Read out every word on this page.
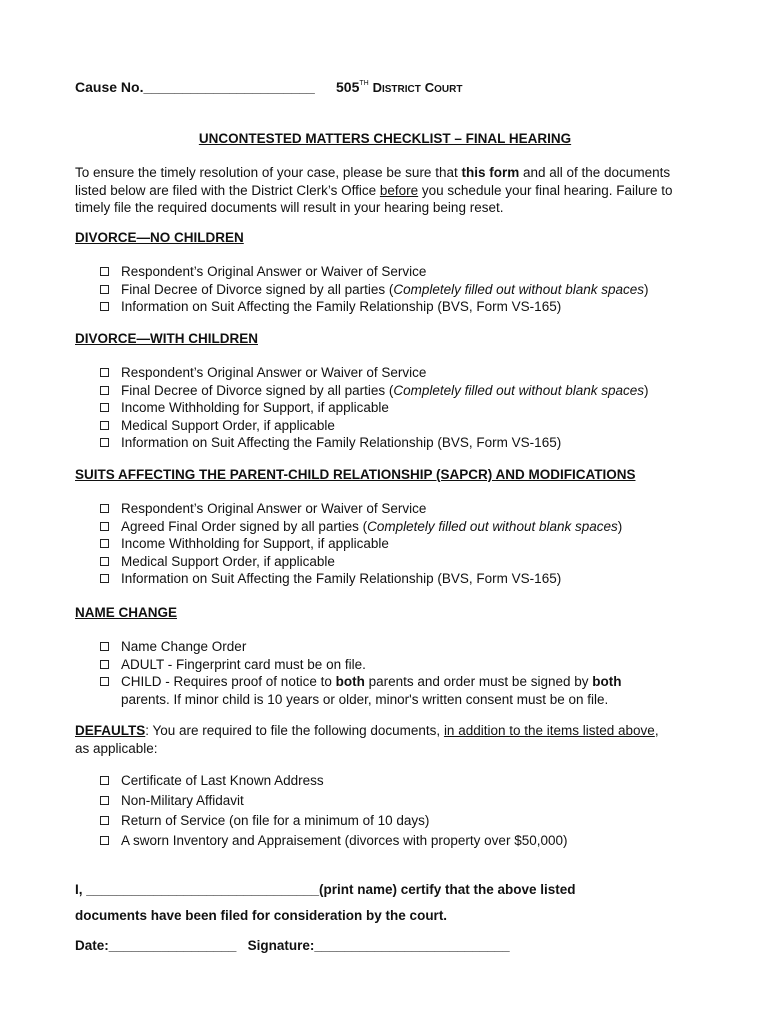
Cause No.______________________ 505TH DISTRICT COURT
UNCONTESTED MATTERS CHECKLIST – FINAL HEARING
To ensure the timely resolution of your case, please be sure that this form and all of the documents listed below are filed with the District Clerk’s Office before you schedule your final hearing. Failure to timely file the required documents will result in your hearing being reset.
DIVORCE—NO CHILDREN
Respondent’s Original Answer or Waiver of Service
Final Decree of Divorce signed by all parties (Completely filled out without blank spaces)
Information on Suit Affecting the Family Relationship (BVS, Form VS-165)
DIVORCE—WITH CHILDREN
Respondent’s Original Answer or Waiver of Service
Final Decree of Divorce signed by all parties (Completely filled out without blank spaces)
Income Withholding for Support, if applicable
Medical Support Order, if applicable
Information on Suit Affecting the Family Relationship (BVS, Form VS-165)
SUITS AFFECTING THE PARENT-CHILD RELATIONSHIP (SAPCR) AND MODIFICATIONS
Respondent’s Original Answer or Waiver of Service
Agreed Final Order signed by all parties (Completely filled out without blank spaces)
Income Withholding for Support, if applicable
Medical Support Order, if applicable
Information on Suit Affecting the Family Relationship (BVS, Form VS-165)
NAME CHANGE
Name Change Order
ADULT - Fingerprint card must be on file.
CHILD - Requires proof of notice to both parents and order must be signed by both parents. If minor child is 10 years or older, minor's written consent must be on file.
DEFAULTS: You are required to file the following documents, in addition to the items listed above, as applicable:
Certificate of Last Known Address
Non-Military Affidavit
Return of Service (on file for a minimum of 10 days)
A sworn Inventory and Appraisement (divorces with property over $50,000)
I, _______________________________(print name) certify that the above listed
documents have been filed for consideration by the court.
Date:_________________ Signature:__________________________
